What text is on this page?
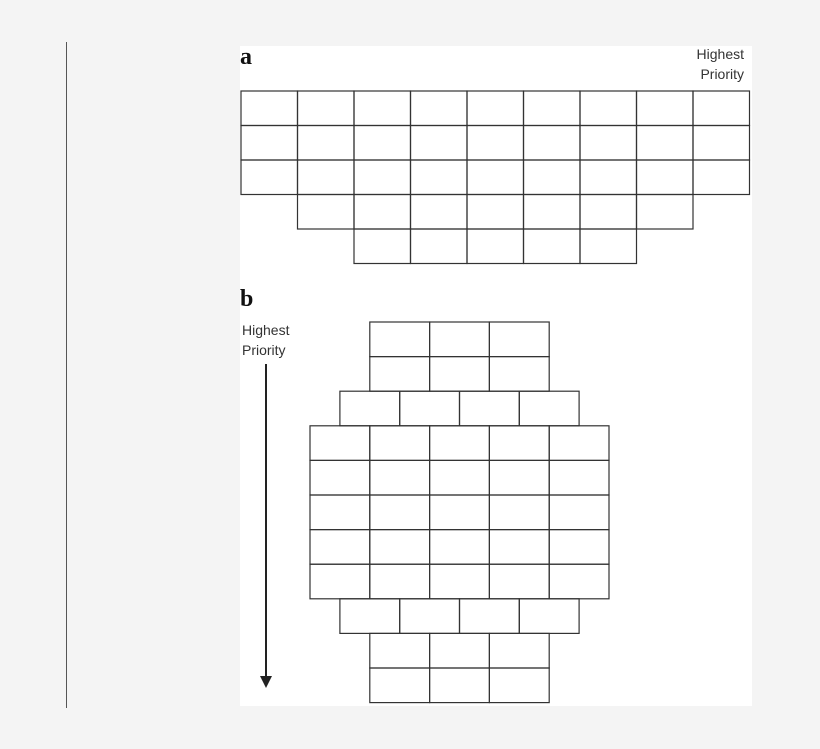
a	Highest
Priority
b
Highest
Priority
